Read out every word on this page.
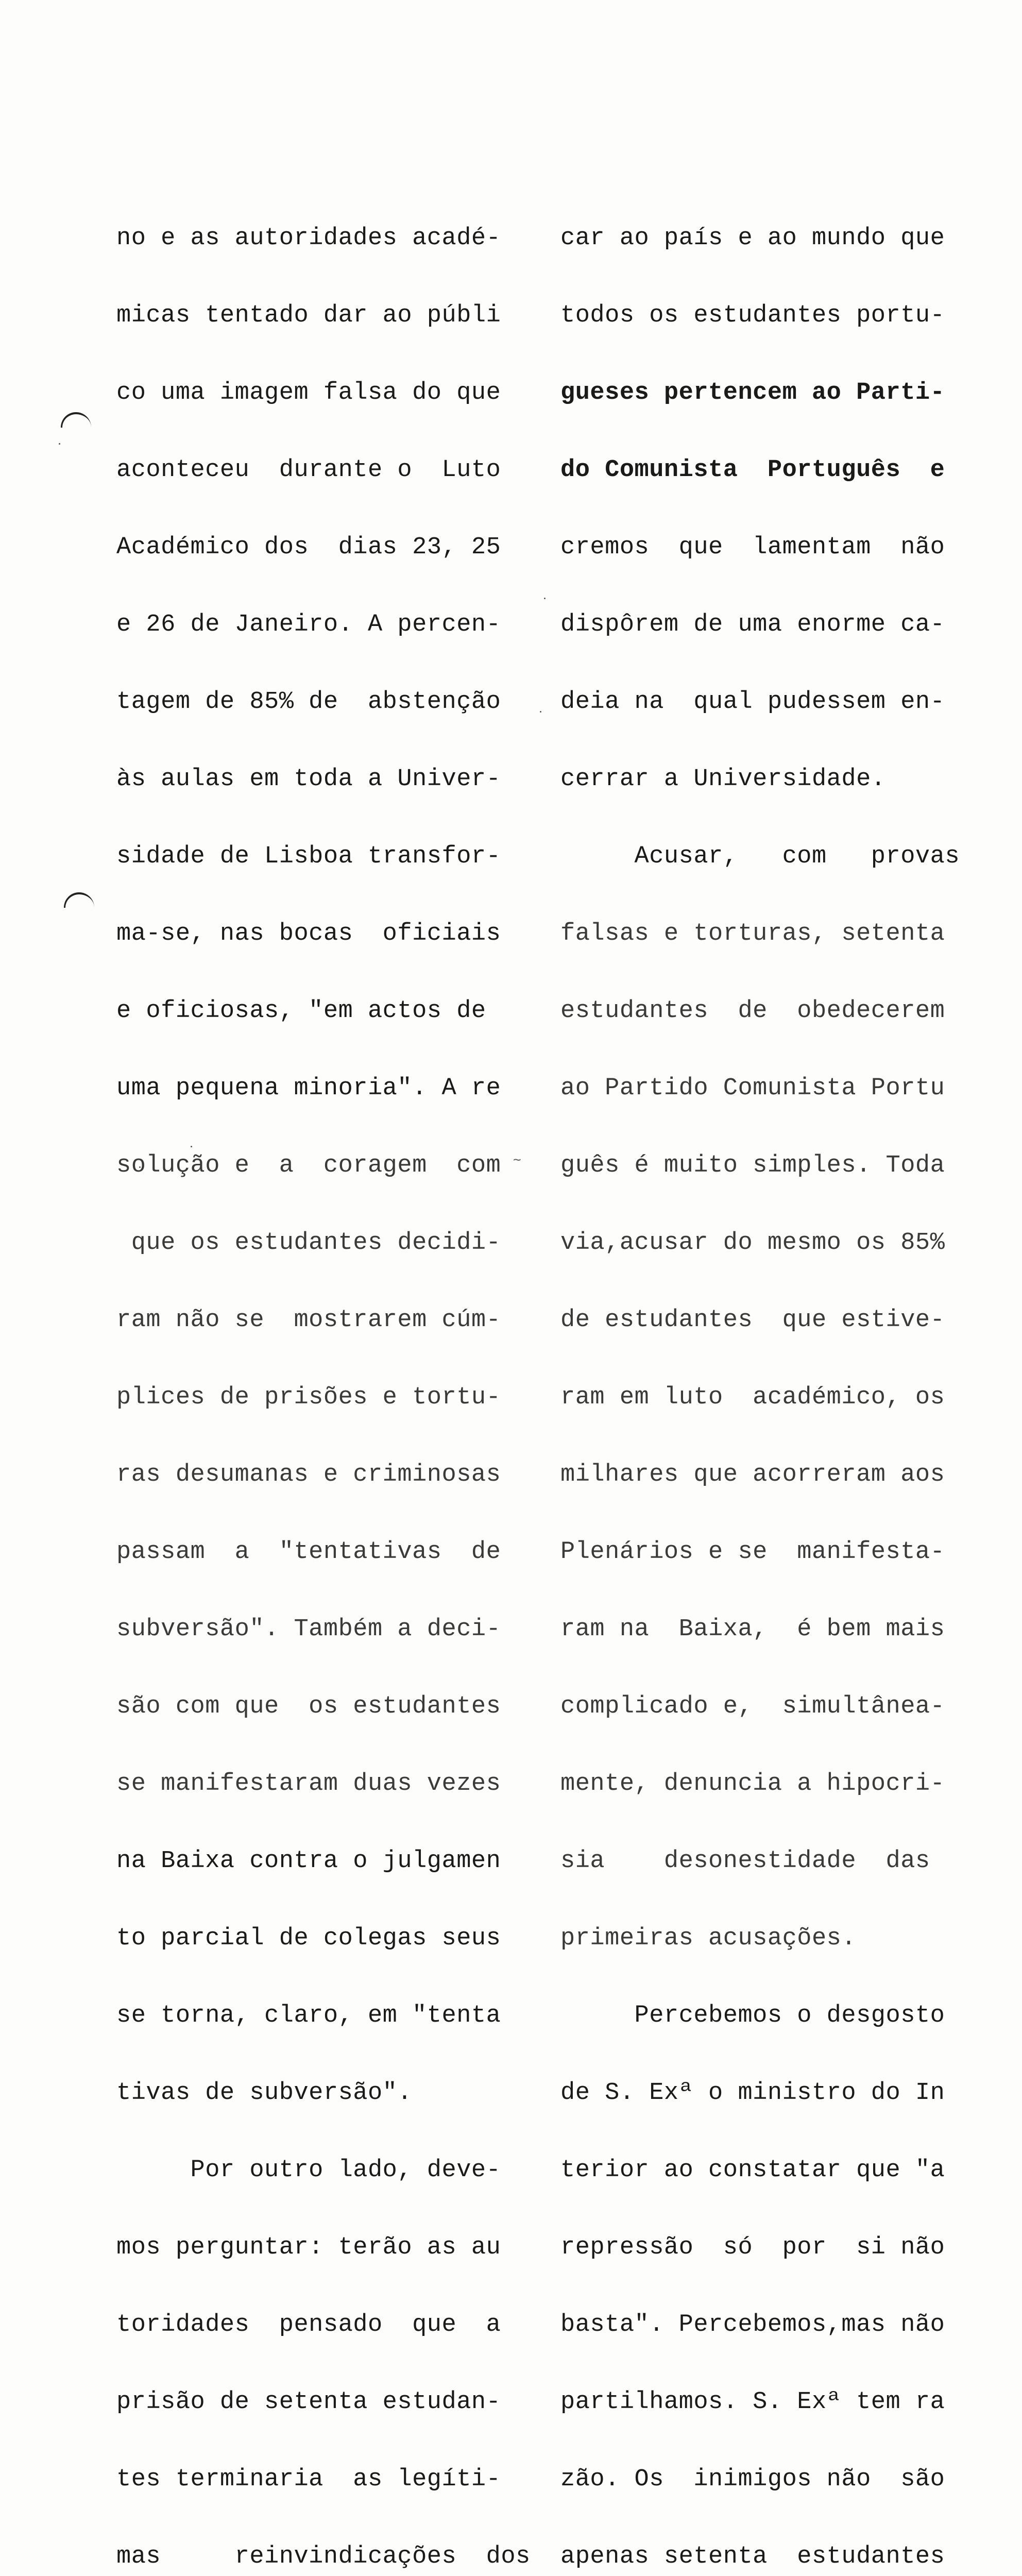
no e as autoridades acadé-

micas tentado dar ao públi

co uma imagem falsa do que

aconteceu  durante o  Luto

Académico dos  dias 23, 25

e 26 de Janeiro. A percen-

tagem de 85% de  abstenção

às aulas em toda a Univer-

sidade de Lisboa transfor-

ma-se, nas bocas  oficiais

e oficiosas, "em actos de

uma pequena minoria". A re

solução e  a  coragem  com

que os estudantes decidi-

ram não se  mostrarem cúm-

plices de prisões e tortu-

ras desumanas e criminosas

passam  a  "tentativas  de

subversão". Também a deci-

são com que  os estudantes

se manifestaram duas vezes

na Baixa contra o julgamen

to parcial de colegas seus

se torna, claro, em "tenta

tivas de subversão".

Por outro lado, deve-

mos perguntar: terão as au

toridades  pensado  que  a

prisão de setenta estudan-

tes terminaria  as legíti-

mas     reinvindicações  dos

car ao país e ao mundo que

todos os estudantes portu-

gueses pertencem ao Parti-

do Comunista  Português  e

cremos  que  lamentam  não

dispôrem de uma enorme ca-

deia na  qual pudessem en-

cerrar a Universidade.

Acusar,   com   provas

falsas e torturas, setenta

estudantes  de  obedecerem

ao Partido Comunista Portu

guês é muito simples. Toda

via,acusar do mesmo os 85%

de estudantes  que estive-

ram em luto  académico, os

milhares que acorreram aos

Plenários e se  manifesta-

ram na  Baixa,  é bem mais

complicado e,  simultânea-

mente, denuncia a hipocri-

sia    desonestidade  das

primeiras acusações.

Percebemos o desgosto

de S. Exª o ministro do In

terior ao constatar que "a

repressão  só  por  si não

basta". Percebemos,mas não

partilhamos. S. Exª tem ra

zão. Os  inimigos não  são

apenas setenta  estudantes

~
